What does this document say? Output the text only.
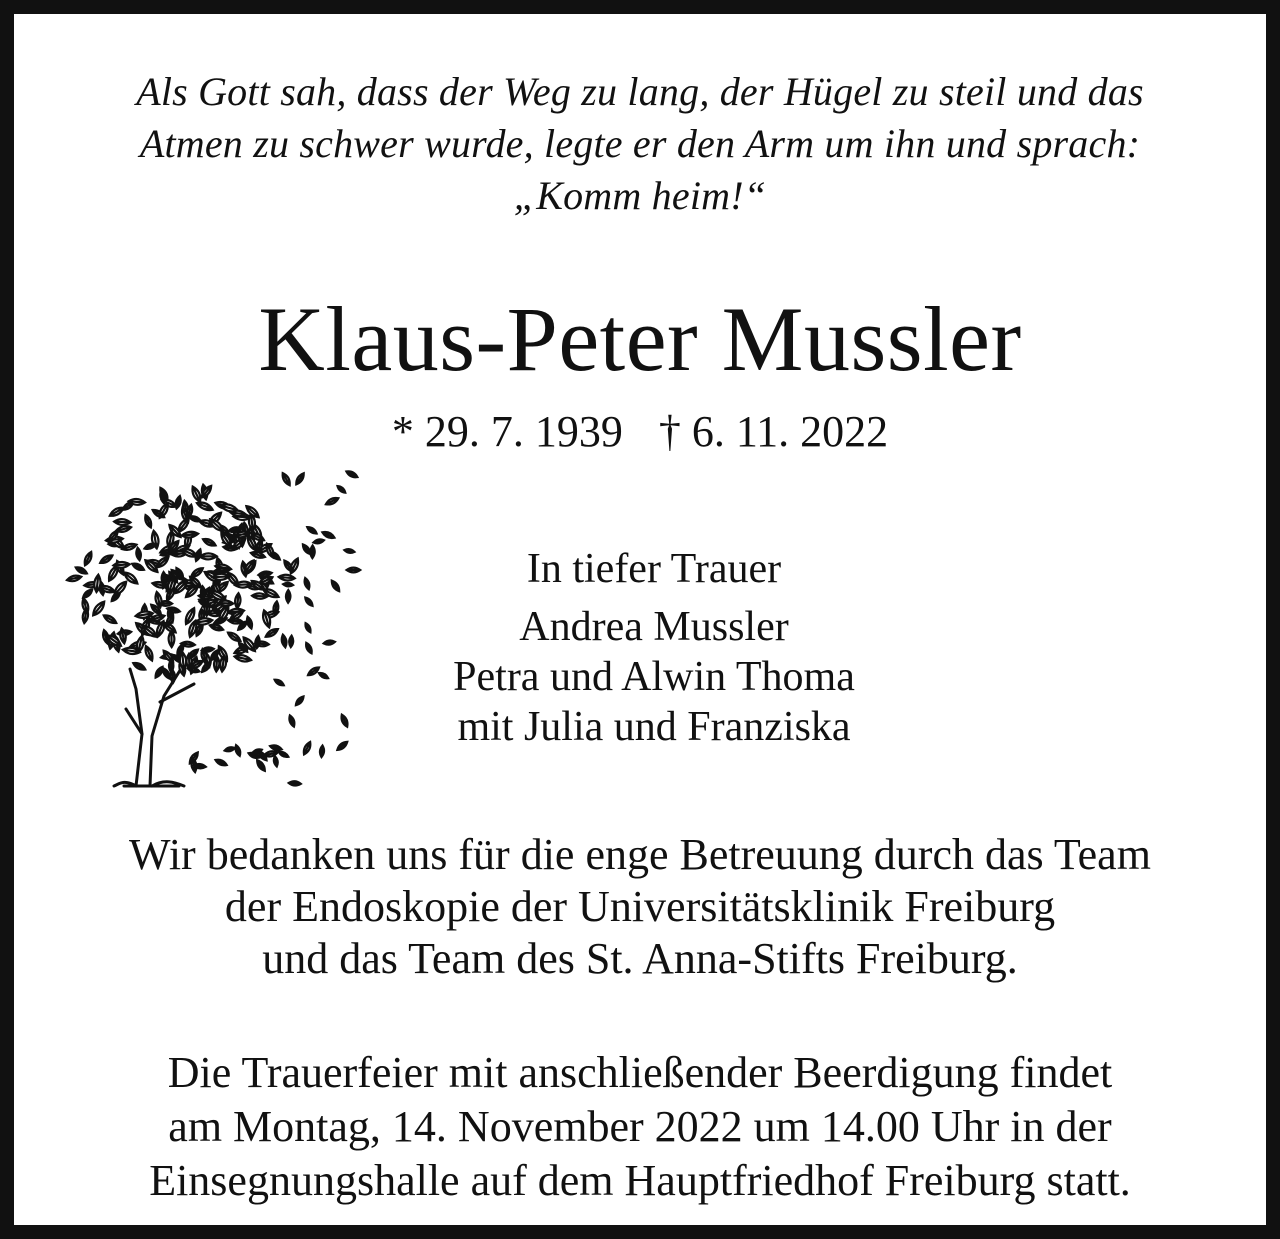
Als Gott sah, dass der Weg zu lang, der Hügel zu steil und das
Atmen zu schwer wurde, legte er den Arm um ihn und sprach:
„Komm heim!“
Klaus-Peter Mussler
* 29. 7. 1939 † 6. 11. 2022
In tiefer Trauer
Andrea Mussler
Petra und Alwin Thoma
mit Julia und Franziska
Wir bedanken uns für die enge Betreuung durch das Team
der Endoskopie der Universitätsklinik Freiburg
und das Team des St. Anna-Stifts Freiburg.
Die Trauerfeier mit anschließender Beerdigung findet
am Montag, 14. November 2022 um 14.00 Uhr in der
Einsegnungshalle auf dem Hauptfriedhof Freiburg statt.
